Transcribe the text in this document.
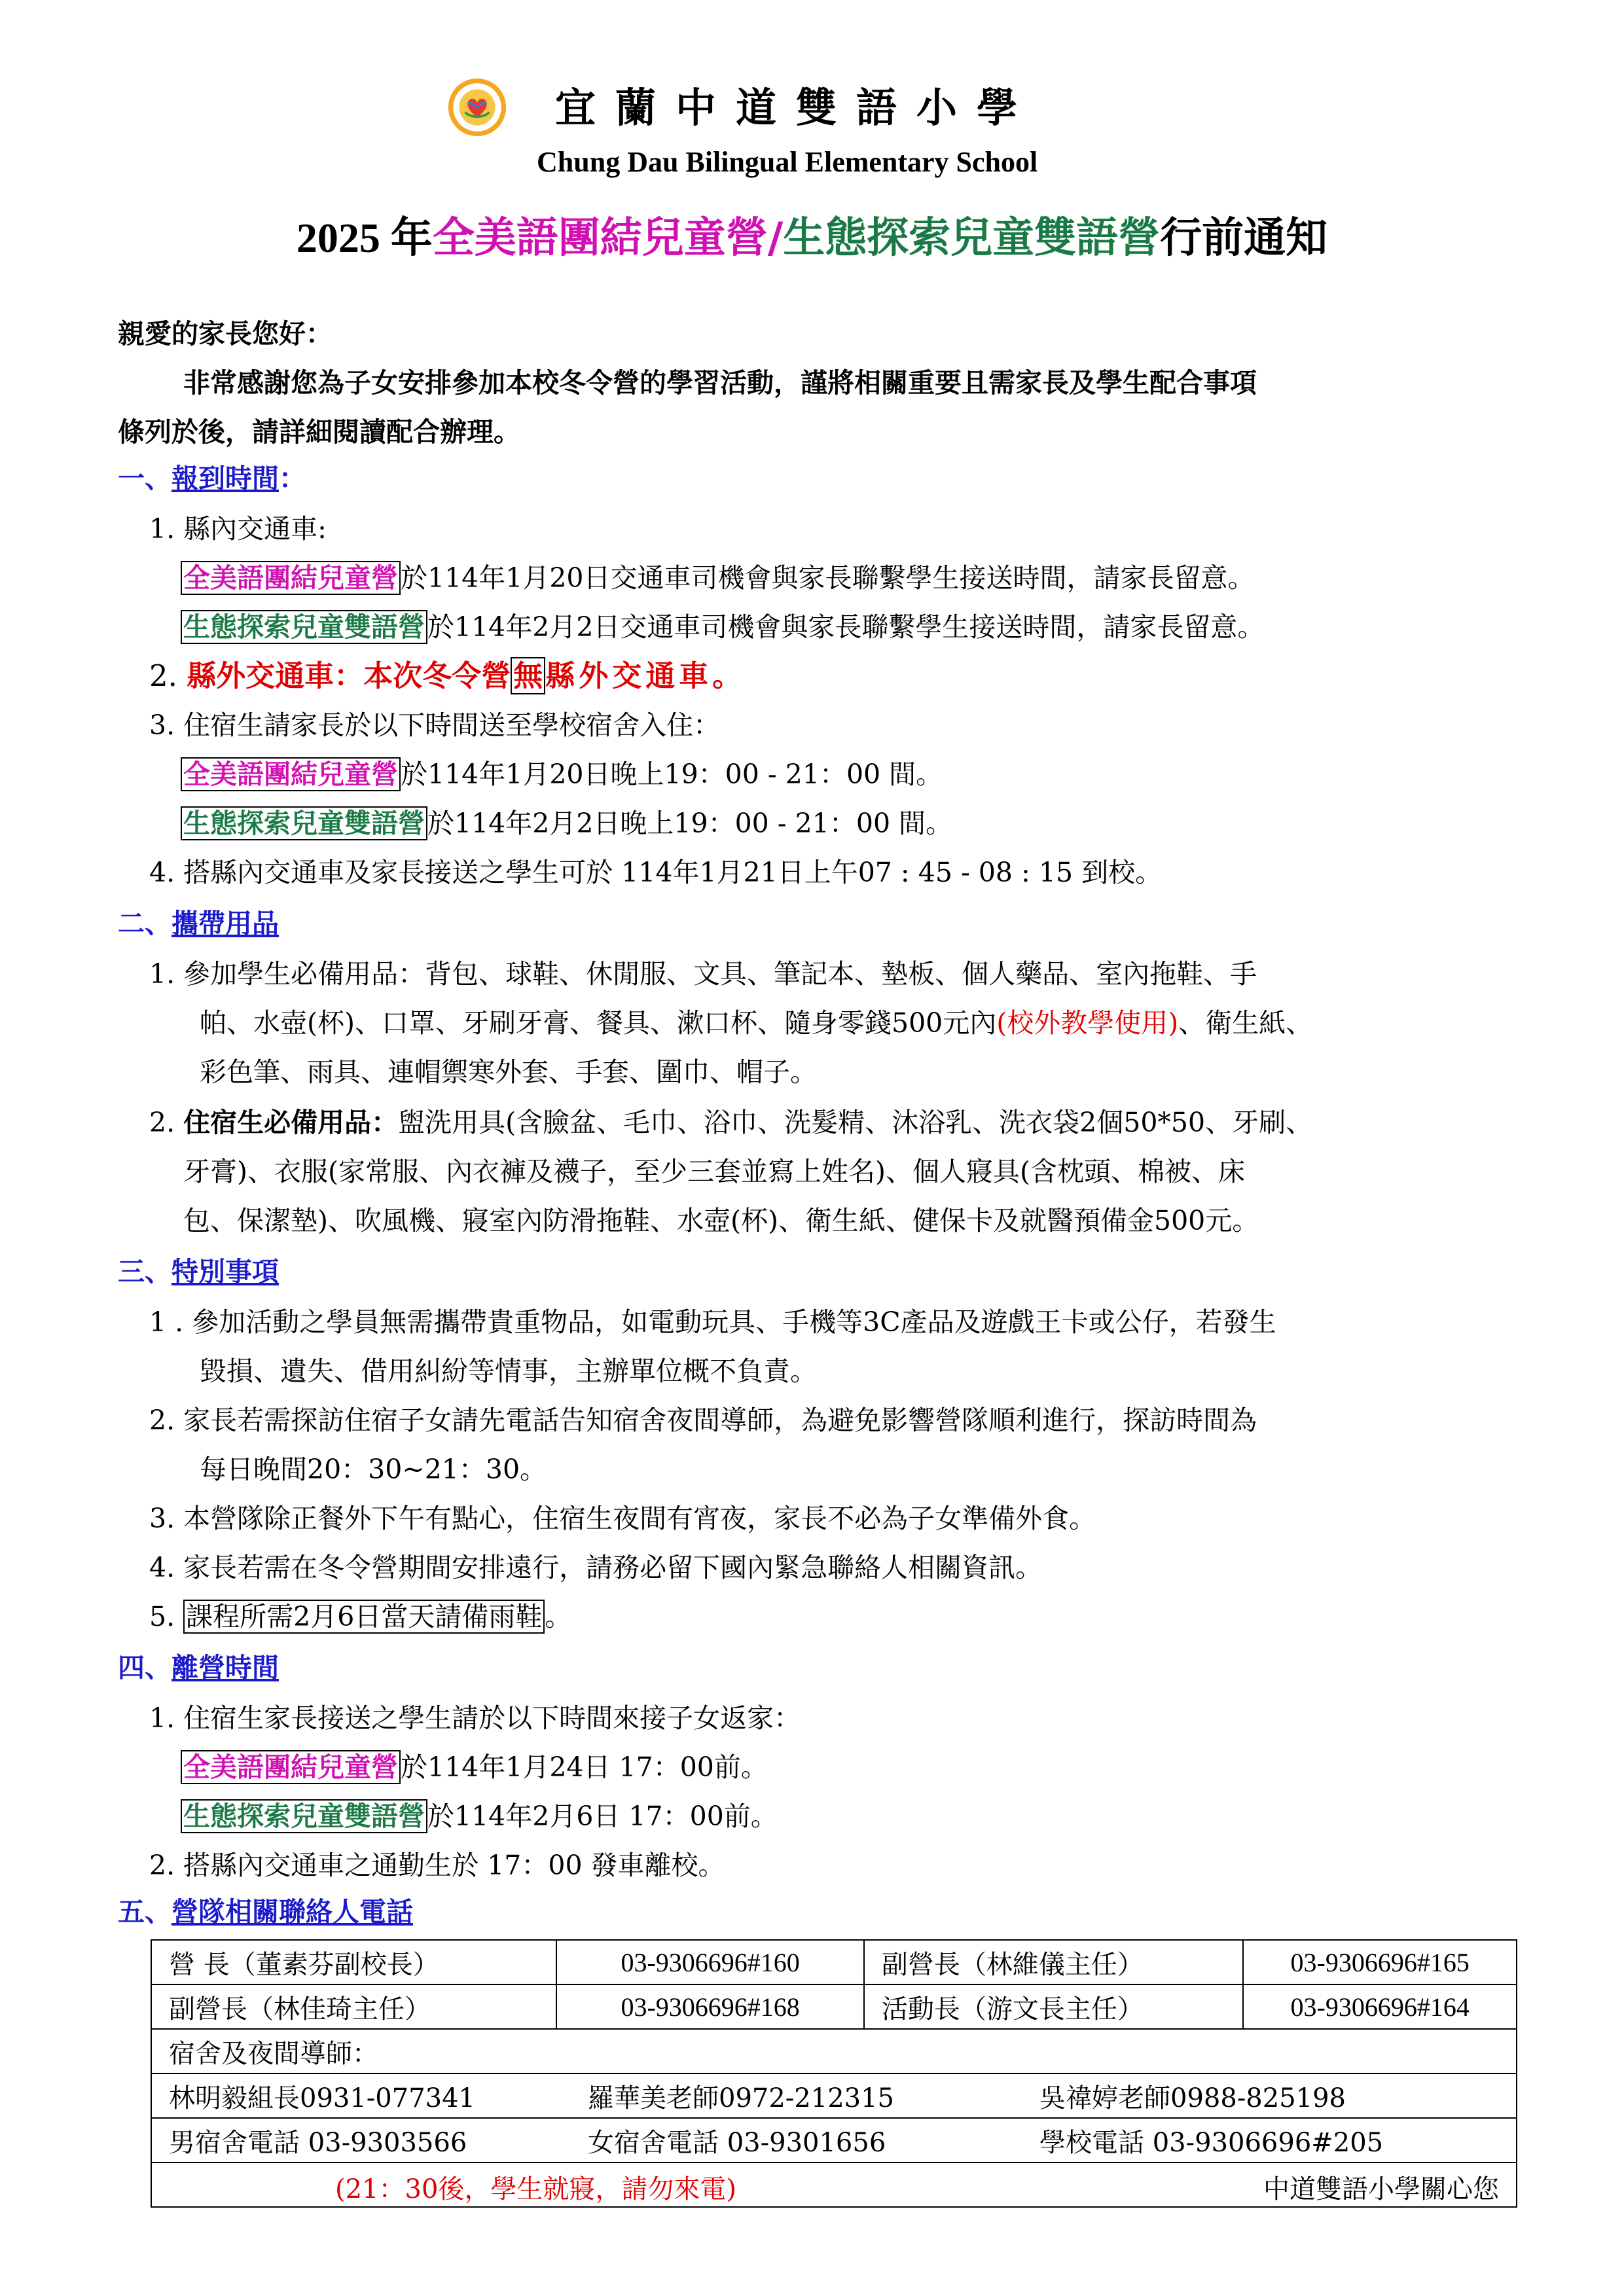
宜蘭中道雙語小學
Chung Dau Bilingual Elementary School
2025 年全美語團結兒童營/生態探索兒童雙語營行前通知
親愛的家長您好：
非常感謝您為子女安排參加本校冬令營的學習活動，謹將相關重要且需家長及學生配合事項
條列於後，請詳細閱讀配合辦理。
一、報到時間：
1. 縣內交通車:
全美語團結兒童營於114年1月20日交通車司機會與家長聯繫學生接送時間，請家長留意。
生態探索兒童雙語營於114年2月2日交通車司機會與家長聯繫學生接送時間，請家長留意。
2. 縣外交通車：本次冬令營無縣外交通車。
3. 住宿生請家長於以下時間送至學校宿舍入住：
全美語團結兒童營於114年1月20日晚上19：00 - 21：00 間。
生態探索兒童雙語營於114年2月2日晚上19：00 - 21：00 間。
4. 搭縣內交通車及家長接送之學生可於 114年1月21日上午07 : 45 - 08 : 15 到校。
二、攜帶用品
1. 參加學生必備用品：背包、球鞋、休閒服、文具、筆記本、墊板、個人藥品、室內拖鞋、手
帕、水壺(杯)、口罩、牙刷牙膏、餐具、漱口杯、隨身零錢500元內(校外教學使用)、衛生紙、
彩色筆、雨具、連帽禦寒外套、手套、圍巾、帽子。
2. 住宿生必備用品：盥洗用具(含臉盆、毛巾、浴巾、洗髮精、沐浴乳、洗衣袋2個50*50、牙刷、
牙膏)、衣服(家常服、內衣褲及襪子，至少三套並寫上姓名)、個人寢具(含枕頭、棉被、床
包、保潔墊)、吹風機、寢室內防滑拖鞋、水壺(杯)、衛生紙、健保卡及就醫預備金500元。
三、特別事項
1 . 參加活動之學員無需攜帶貴重物品，如電動玩具、手機等3C產品及遊戲王卡或公仔，若發生
毀損、遺失、借用糾紛等情事，主辦單位概不負責。
2. 家長若需探訪住宿子女請先電話告知宿舍夜間導師，為避免影響營隊順利進行，探訪時間為
每日晚間20：30~21：30。
3. 本營隊除正餐外下午有點心，住宿生夜間有宵夜，家長不必為子女準備外食。
4. 家長若需在冬令營期間安排遠行，請務必留下國內緊急聯絡人相關資訊。
5. 課程所需2月6日當天請備雨鞋。
四、離營時間
1. 住宿生家長接送之學生請於以下時間來接子女返家：
全美語團結兒童營於114年1月24日 17：00前。
生態探索兒童雙語營於114年2月6日 17：00前。
2. 搭縣內交通車之通勤生於 17：00 發車離校。
五、營隊相關聯絡人電話
營 長（董素芬副校長）	03-9306696#160	副營長（林維儀主任）	03-9306696#165
副營長（林佳琦主任）	03-9306696#168	活動長（游文長主任）	03-9306696#164
宿舍及夜間導師：

林明毅組長0931-077341	羅華美老師0972-212315	吳禕婷老師0988-825198

男宿舍電話 03-9303566	女宿舍電話 03-9301656	學校電話 03-9306696#205

(21：30後，學生就寢，請勿來電)	中道雙語小學關心您
